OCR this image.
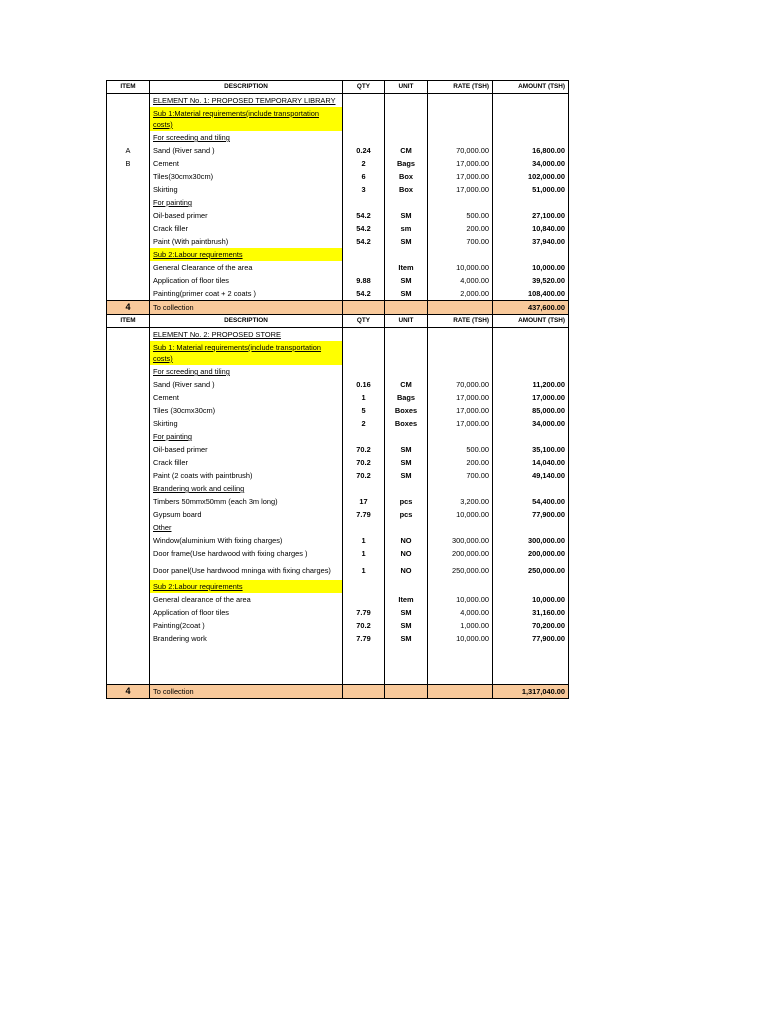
ITEM	DESCRIPTION	QTY	UNIT	RATE (TSH)	AMOUNT (TSH)
	ELEMENT No. 1: PROPOSED TEMPORARY LIBRARY				
	Sub 1:Material requirements(include transportation costs)				
	For screeding and tiling				
A	Sand (River sand )	0.24	CM	70,000.00	16,800.00
B	Cement	2	Bags	17,000.00	34,000.00
	Tiles(30cmx30cm)	6	Box	17,000.00	102,000.00
	Skirting	3	Box	17,000.00	51,000.00
	For painting				
	Oil-based primer	54.2	SM	500.00	27,100.00
	Crack filler	54.2	sm	200.00	10,840.00
	Paint (With paintbrush)	54.2	SM	700.00	37,940.00
	Sub 2:Labour requirements				
	General Clearance of the area		Item	10,000.00	10,000.00
	Application of floor tiles	9.88	SM	4,000.00	39,520.00
	Painting(primer coat + 2 coats )	54.2	SM	2,000.00	108,400.00
4	To collection				437,600.00
ITEM	DESCRIPTION	QTY	UNIT	RATE (TSH)	AMOUNT (TSH)
	ELEMENT No. 2: PROPOSED STORE				
	Sub 1: Material requirements(include transportation costs)				
	For screeding and tiling				
	Sand (River sand )	0.16	CM	70,000.00	11,200.00
	Cement	1	Bags	17,000.00	17,000.00
	Tiles (30cmx30cm)	5	Boxes	17,000.00	85,000.00
	Skirting	2	Boxes	17,000.00	34,000.00
	For painting				
	Oil-based primer	70.2	SM	500.00	35,100.00
	Crack filler	70.2	SM	200.00	14,040.00
	Paint (2 coats with paintbrush)	70.2	SM	700.00	49,140.00
	Brandering work and ceiling				
	Timbers 50mmx50mm (each 3m long)	17	pcs	3,200.00	54,400.00
	Gypsum board	7.79	pcs	10,000.00	77,900.00
	Other				
	Window(aluminium With fixing charges)	1	NO	300,000.00	300,000.00
	Door frame(Use hardwood with fixing charges )	1	NO	200,000.00	200,000.00
	Door panel(Use hardwood mninga with fixing charges)	1	NO	250,000.00	250,000.00
	Sub 2:Labour requirements				
	General clearance of the area		Item	10,000.00	10,000.00
	Application of floor tiles	7.79	SM	4,000.00	31,160.00
	Painting(2coat )	70.2	SM	1,000.00	70,200.00
	Brandering work	7.79	SM	10,000.00	77,900.00

4	To collection				1,317,040.00
